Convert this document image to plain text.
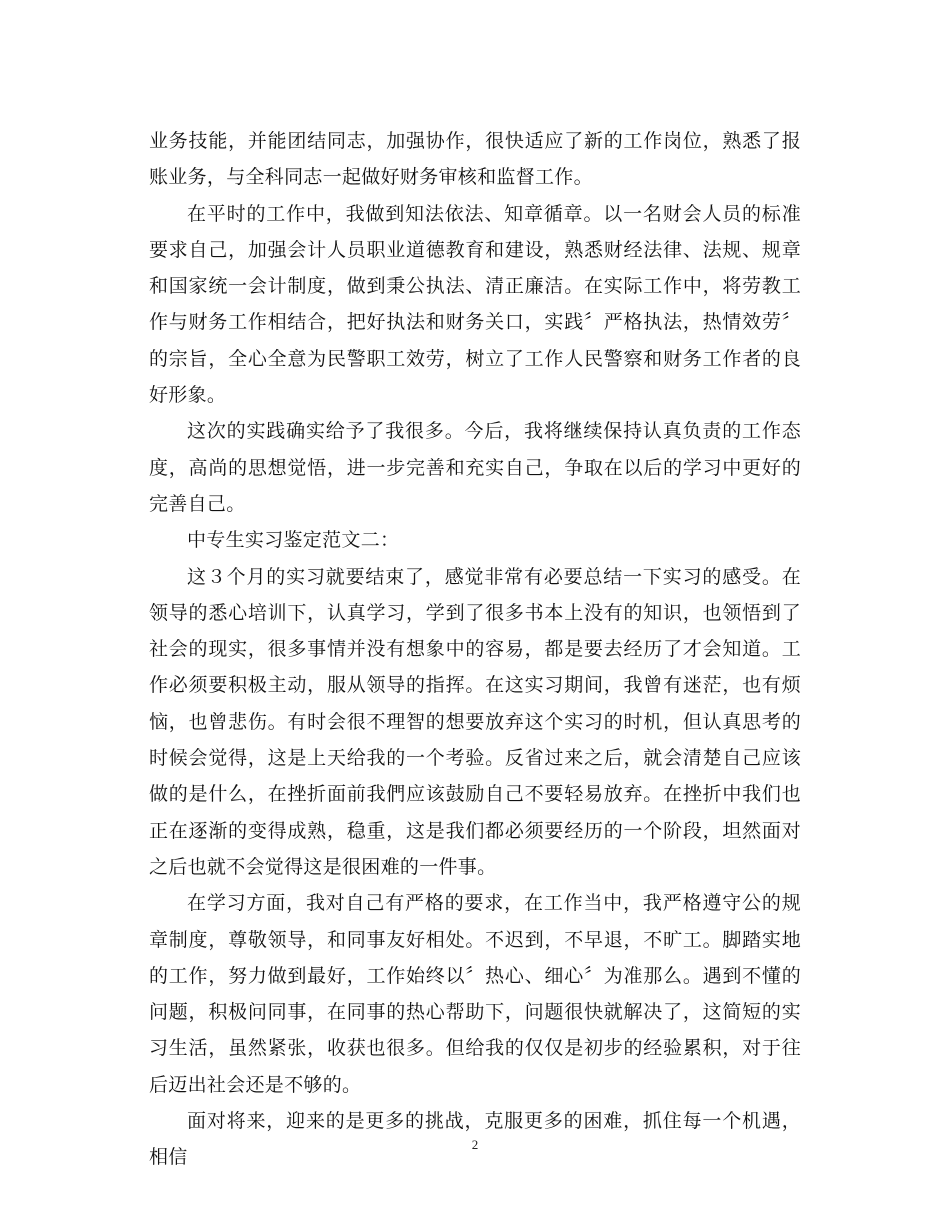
业务技能，并能团结同志，加强协作，很快适应了新的工作岗位，熟悉了报账业务，与全科同志一起做好财务审核和监督工作。

在平时的工作中，我做到知法依法、知章循章。以一名财会人员的标准要求自己，加强会计人员职业道德教育和建设，熟悉财经法律、法规、规章和国家统一会计制度，做到秉公执法、清正廉洁。在实际工作中，将劳教工作与财务工作相结合，把好执法和财务关口，实践〞严格执法，热情效劳〞的宗旨，全心全意为民警职工效劳，树立了工作人民警察和财务工作者的良好形象。

这次的实践确实给予了我很多。今后，我将继续保持认真负责的工作态度，高尚的思想觉悟，进一步完善和充实自己，争取在以后的学习中更好的完善自己。

中专生实习鉴定范文二：

这３个月的实习就要结束了，感觉非常有必要总结一下实习的感受。在领导的悉心培训下，认真学习，学到了很多书本上没有的知识，也领悟到了社会的现实，很多事情并没有想象中的容易，都是要去经历了才会知道。工作必须要积极主动，服从领导的指挥。在这实习期间，我曾有迷茫，也有烦恼，也曾悲伤。有时会很不理智的想要放弃这个实习的时机，但认真思考的时候会觉得，这是上天给我的一个考验。反省过来之后，就会清楚自己应该做的是什么，在挫折面前我們应该鼓励自己不要轻易放弃。在挫折中我们也正在逐渐的变得成熟，稳重，这是我们都必须要经历的一个阶段，坦然面对之后也就不会觉得这是很困难的一件事。

在学习方面，我对自己有严格的要求，在工作当中，我严格遵守公的规章制度，尊敬领导，和同事友好相处。不迟到，不早退，不旷工。脚踏实地的工作，努力做到最好，工作始终以〞热心、细心〞为准那么。遇到不懂的问题，积极问同事，在同事的热心帮助下，问题很快就解决了，这简短的实习生活，虽然紧张，收获也很多。但给我的仅仅是初步的经验累积，对于往后迈出社会还是不够的。

面对将来，迎来的是更多的挑战，克服更多的困难，抓住每一个机遇，相信

2
